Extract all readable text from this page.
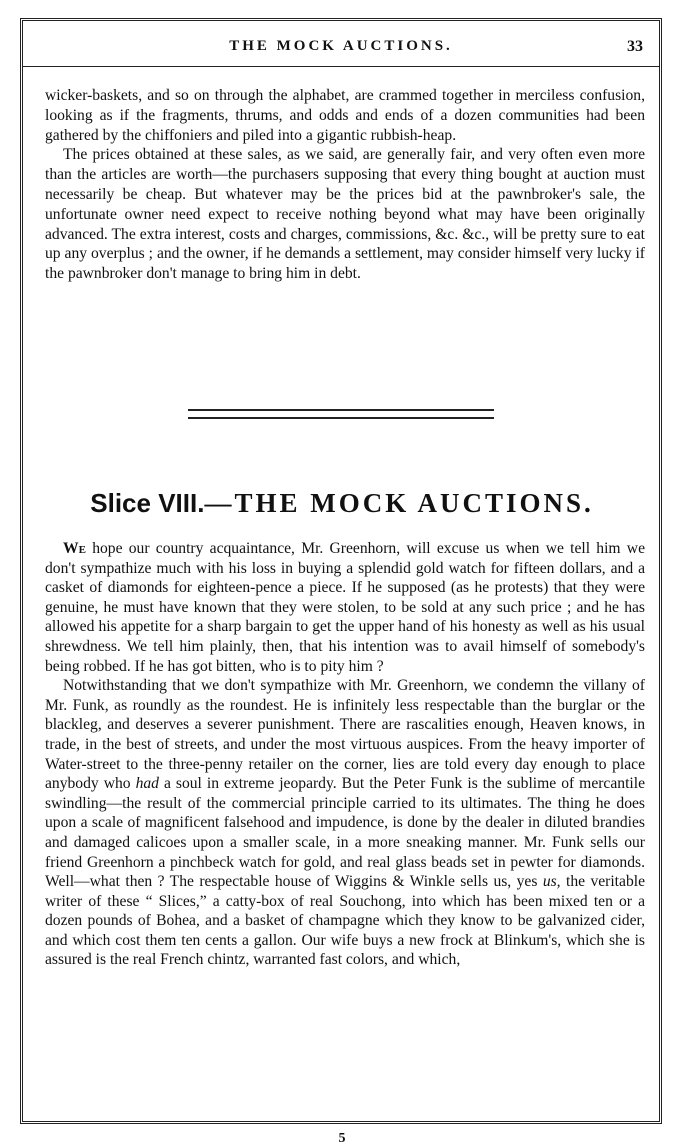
THE MOCK AUCTIONS.	33

wicker-baskets, and so on through the alphabet, are crammed together in merciless confusion, looking as if the fragments, thrums, and odds and ends of a dozen communities had been gathered by the chiffoniers and piled into a gigantic rubbish-heap.

The prices obtained at these sales, as we said, are generally fair, and very often even more than the articles are worth—the purchasers supposing that every thing bought at auction must necessarily be cheap. But whatever may be the prices bid at the pawnbroker's sale, the unfortunate owner need expect to receive nothing beyond what may have been originally advanced. The extra interest, costs and charges, commissions, &c. &c., will be pretty sure to eat up any overplus ; and the owner, if he demands a settlement, may consider himself very lucky if the pawnbroker don't manage to bring him in debt.

Slice VIII.—THE MOCK AUCTIONS.

We hope our country acquaintance, Mr. Greenhorn, will excuse us when we tell him we don't sympathize much with his loss in buying a splendid gold watch for fifteen dollars, and a casket of diamonds for eighteen-pence a piece. If he supposed (as he protests) that they were genuine, he must have known that they were stolen, to be sold at any such price ; and he has allowed his appetite for a sharp bargain to get the upper hand of his honesty as well as his usual shrewdness. We tell him plainly, then, that his intention was to avail himself of somebody's being robbed. If he has got bitten, who is to pity him ?

Notwithstanding that we don't sympathize with Mr. Greenhorn, we condemn the villany of Mr. Funk, as roundly as the roundest. He is infinitely less respectable than the burglar or the blackleg, and deserves a severer punishment. There are rascalities enough, Heaven knows, in trade, in the best of streets, and under the most virtuous auspices. From the heavy importer of Water-street to the three-penny retailer on the corner, lies are told every day enough to place anybody who had a soul in extreme jeopardy. But the Peter Funk is the sublime of mercantile swindling—the result of the commercial principle carried to its ultimates. The thing he does upon a scale of magnificent falsehood and impudence, is done by the dealer in diluted brandies and damaged calicoes upon a smaller scale, in a more sneaking manner. Mr. Funk sells our friend Greenhorn a pinchbeck watch for gold, and real glass beads set in pewter for diamonds. Well—what then ? The respectable house of Wiggins & Winkle sells us, yes us, the veritable writer of these “ Slices,” a catty-box of real Souchong, into which has been mixed ten or a dozen pounds of Bohea, and a basket of champagne which they know to be galvanized cider, and which cost them ten cents a gallon. Our wife buys a new frock at Blinkum's, which she is assured is the real French chintz, warranted fast colors, and which,

5
